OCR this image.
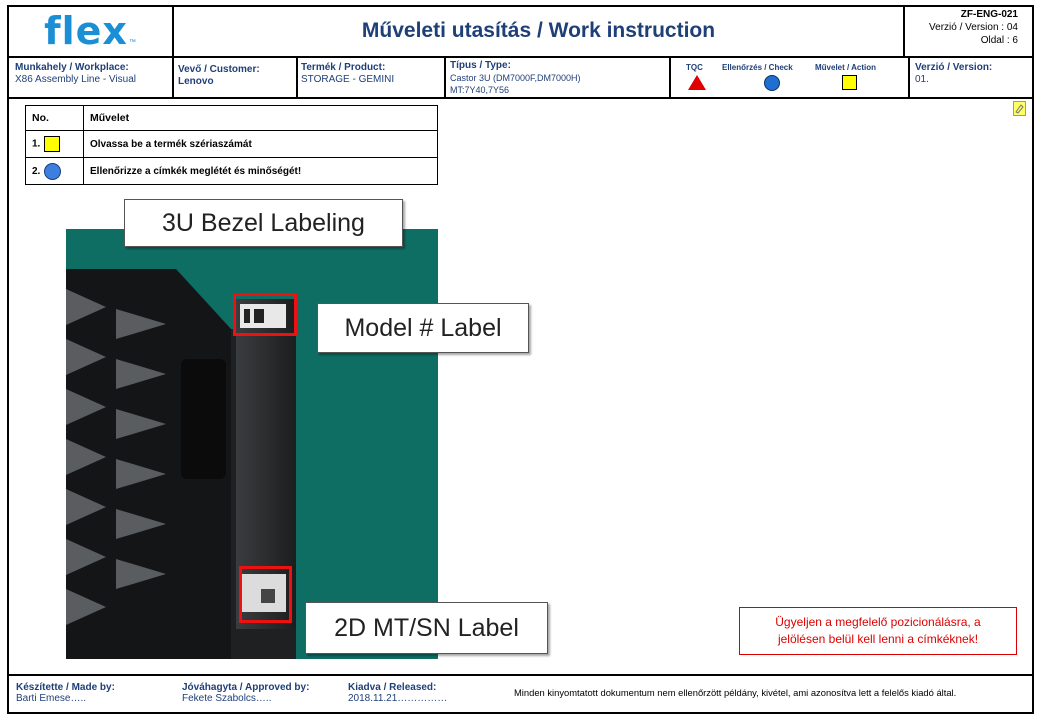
flex ™	Műveleti utasítás / Work instruction
ZF-ENG-021
Verzió / Version : 04
Oldal : 6
Munkahely / Workplace:
X86 Assembly Line - Visual
Vevő / Customer:
Lenovo
Termék / Product:
STORAGE - GEMINI
Típus / Type:
Castor 3U (DM7000F,DM7000H)
MT:7Y40,7Y56
TQC Ellenőrzés / Check	Művelet / Action	Verzió / Version:
01.
No.	Művelet
1.	Olvassa be a termék szériaszámát
2.	Ellenőrizze a címkék meglétét és minőségét!
3U Bezel Labeling
Model # Label
2D MT/SN Label	Ügyeljen a megfelelő pozicionálásra, a
jelölésen belül kell lenni a címkéknek!
Készítette / Made by:
Barti Emese…..
Jóváhagyta / Approved by:
Fekete Szabolcs…..
Kiadva / Released:
2018.11.21……………
Minden kinyomtatott dokumentum nem ellenőrzött példány, kivétel, ami azonosítva lett a felelős kiadó által.
